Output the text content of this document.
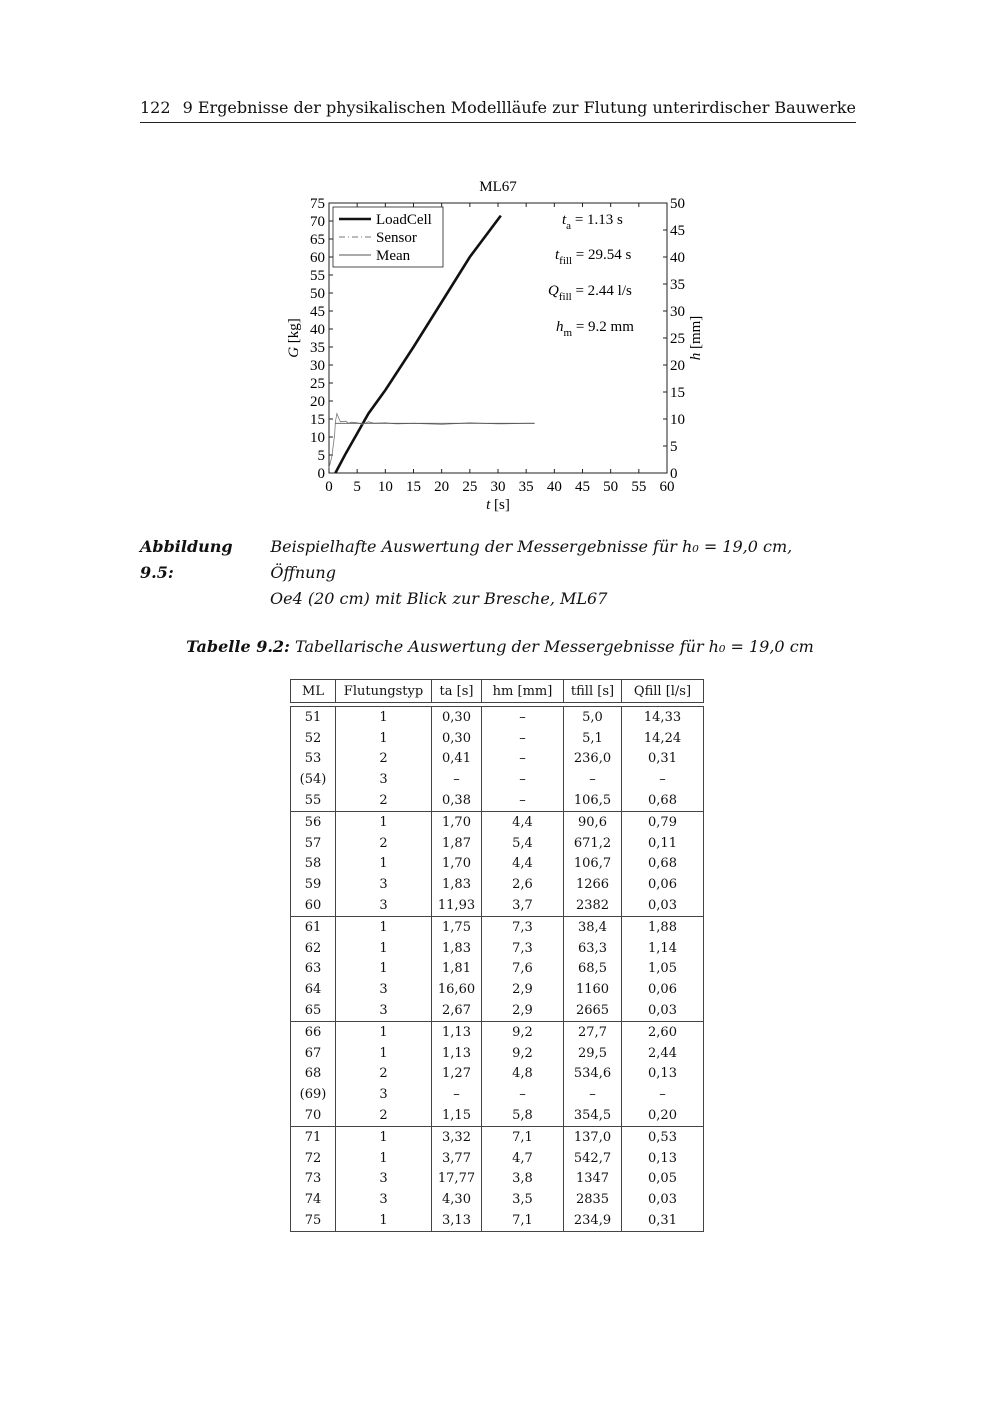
122 9 Ergebnisse der physikalischen Modellläufe zur Flutung unterirdischer Bauwerke
0 5 10 15 20 25 30 35 40 45 50 55 60
0
5
10
15
20
25
30
35
40
45
50
55
60
65
70
75
0
5
10
15
20
25
30
35
40
45
50
ML67
t [s]
G [kg]
h [mm]
LoadCell
Sensor
Mean
$t_a = 1.13$ s
$t_{fill} = 29.54$ s
$Q_{fill} = 2.44$ l/s
$h_m = 9.2$ mm
Abbildung 9.5:
Beispielhafte Auswertung der Messergebnisse für h₀ = 19,0 cm, Öffnung
Oe4 (20 cm) mit Blick zur Bresche, ML67
Tabelle 9.2: Tabellarische Auswertung der Messergebnisse für h₀ = 19,0 cm
ML	Flutungstyp	ta [s]	hm [mm]	tfill [s]	Qfill [l/s]

51	1	0,30	–	5,0	14,33
52	1	0,30	–	5,1	14,24
53	2	0,41	–	236,0	0,31
(54)	3	–	–	–	–
55	2	0,38	–	106,5	0,68
56	1	1,70	4,4	90,6	0,79
57	2	1,87	5,4	671,2	0,11
58	1	1,70	4,4	106,7	0,68
59	3	1,83	2,6	1266	0,06
60	3	11,93	3,7	2382	0,03
61	1	1,75	7,3	38,4	1,88
62	1	1,83	7,3	63,3	1,14
63	1	1,81	7,6	68,5	1,05
64	3	16,60	2,9	1160	0,06
65	3	2,67	2,9	2665	0,03
66	1	1,13	9,2	27,7	2,60
67	1	1,13	9,2	29,5	2,44
68	2	1,27	4,8	534,6	0,13
(69)	3	–	–	–	–
70	2	1,15	5,8	354,5	0,20
71	1	3,32	7,1	137,0	0,53
72	1	3,77	4,7	542,7	0,13
73	3	17,77	3,8	1347	0,05
74	3	4,30	3,5	2835	0,03
75	1	3,13	7,1	234,9	0,31
